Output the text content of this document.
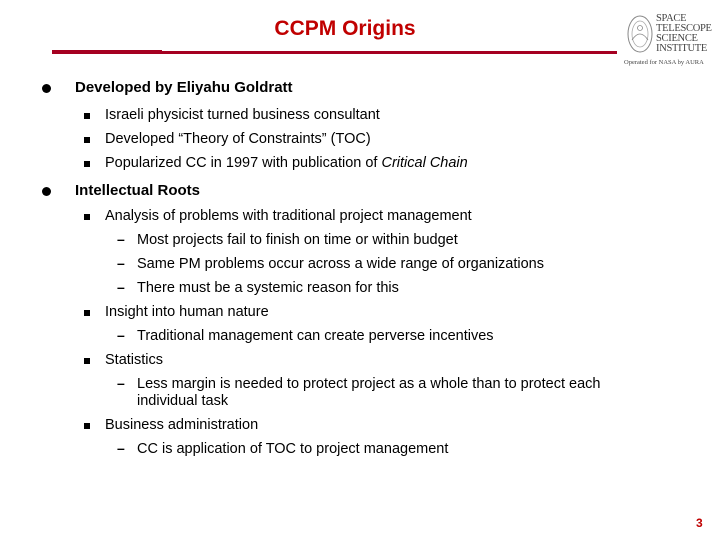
CCPM Origins	SPACE
TELESCOPE
SCIENCE
INSTITUTE
Operated for NASA by AURA
Developed by Eliyahu Goldratt
Israeli physicist turned business consultant
Developed “Theory of Constraints” (TOC)
Popularized CC in 1997 with publication of Critical Chain
Intellectual Roots
Analysis of problems with traditional project management
– Most projects fail to finish on time or within budget
– Same PM problems occur across a wide range of organizations
– There must be a systemic reason for this
Insight into human nature
– Traditional management can create perverse incentives
Statistics
– Less margin is needed to protect project as a whole than to protect each
individual task
Business administration
– CC is application of TOC to project management
3
